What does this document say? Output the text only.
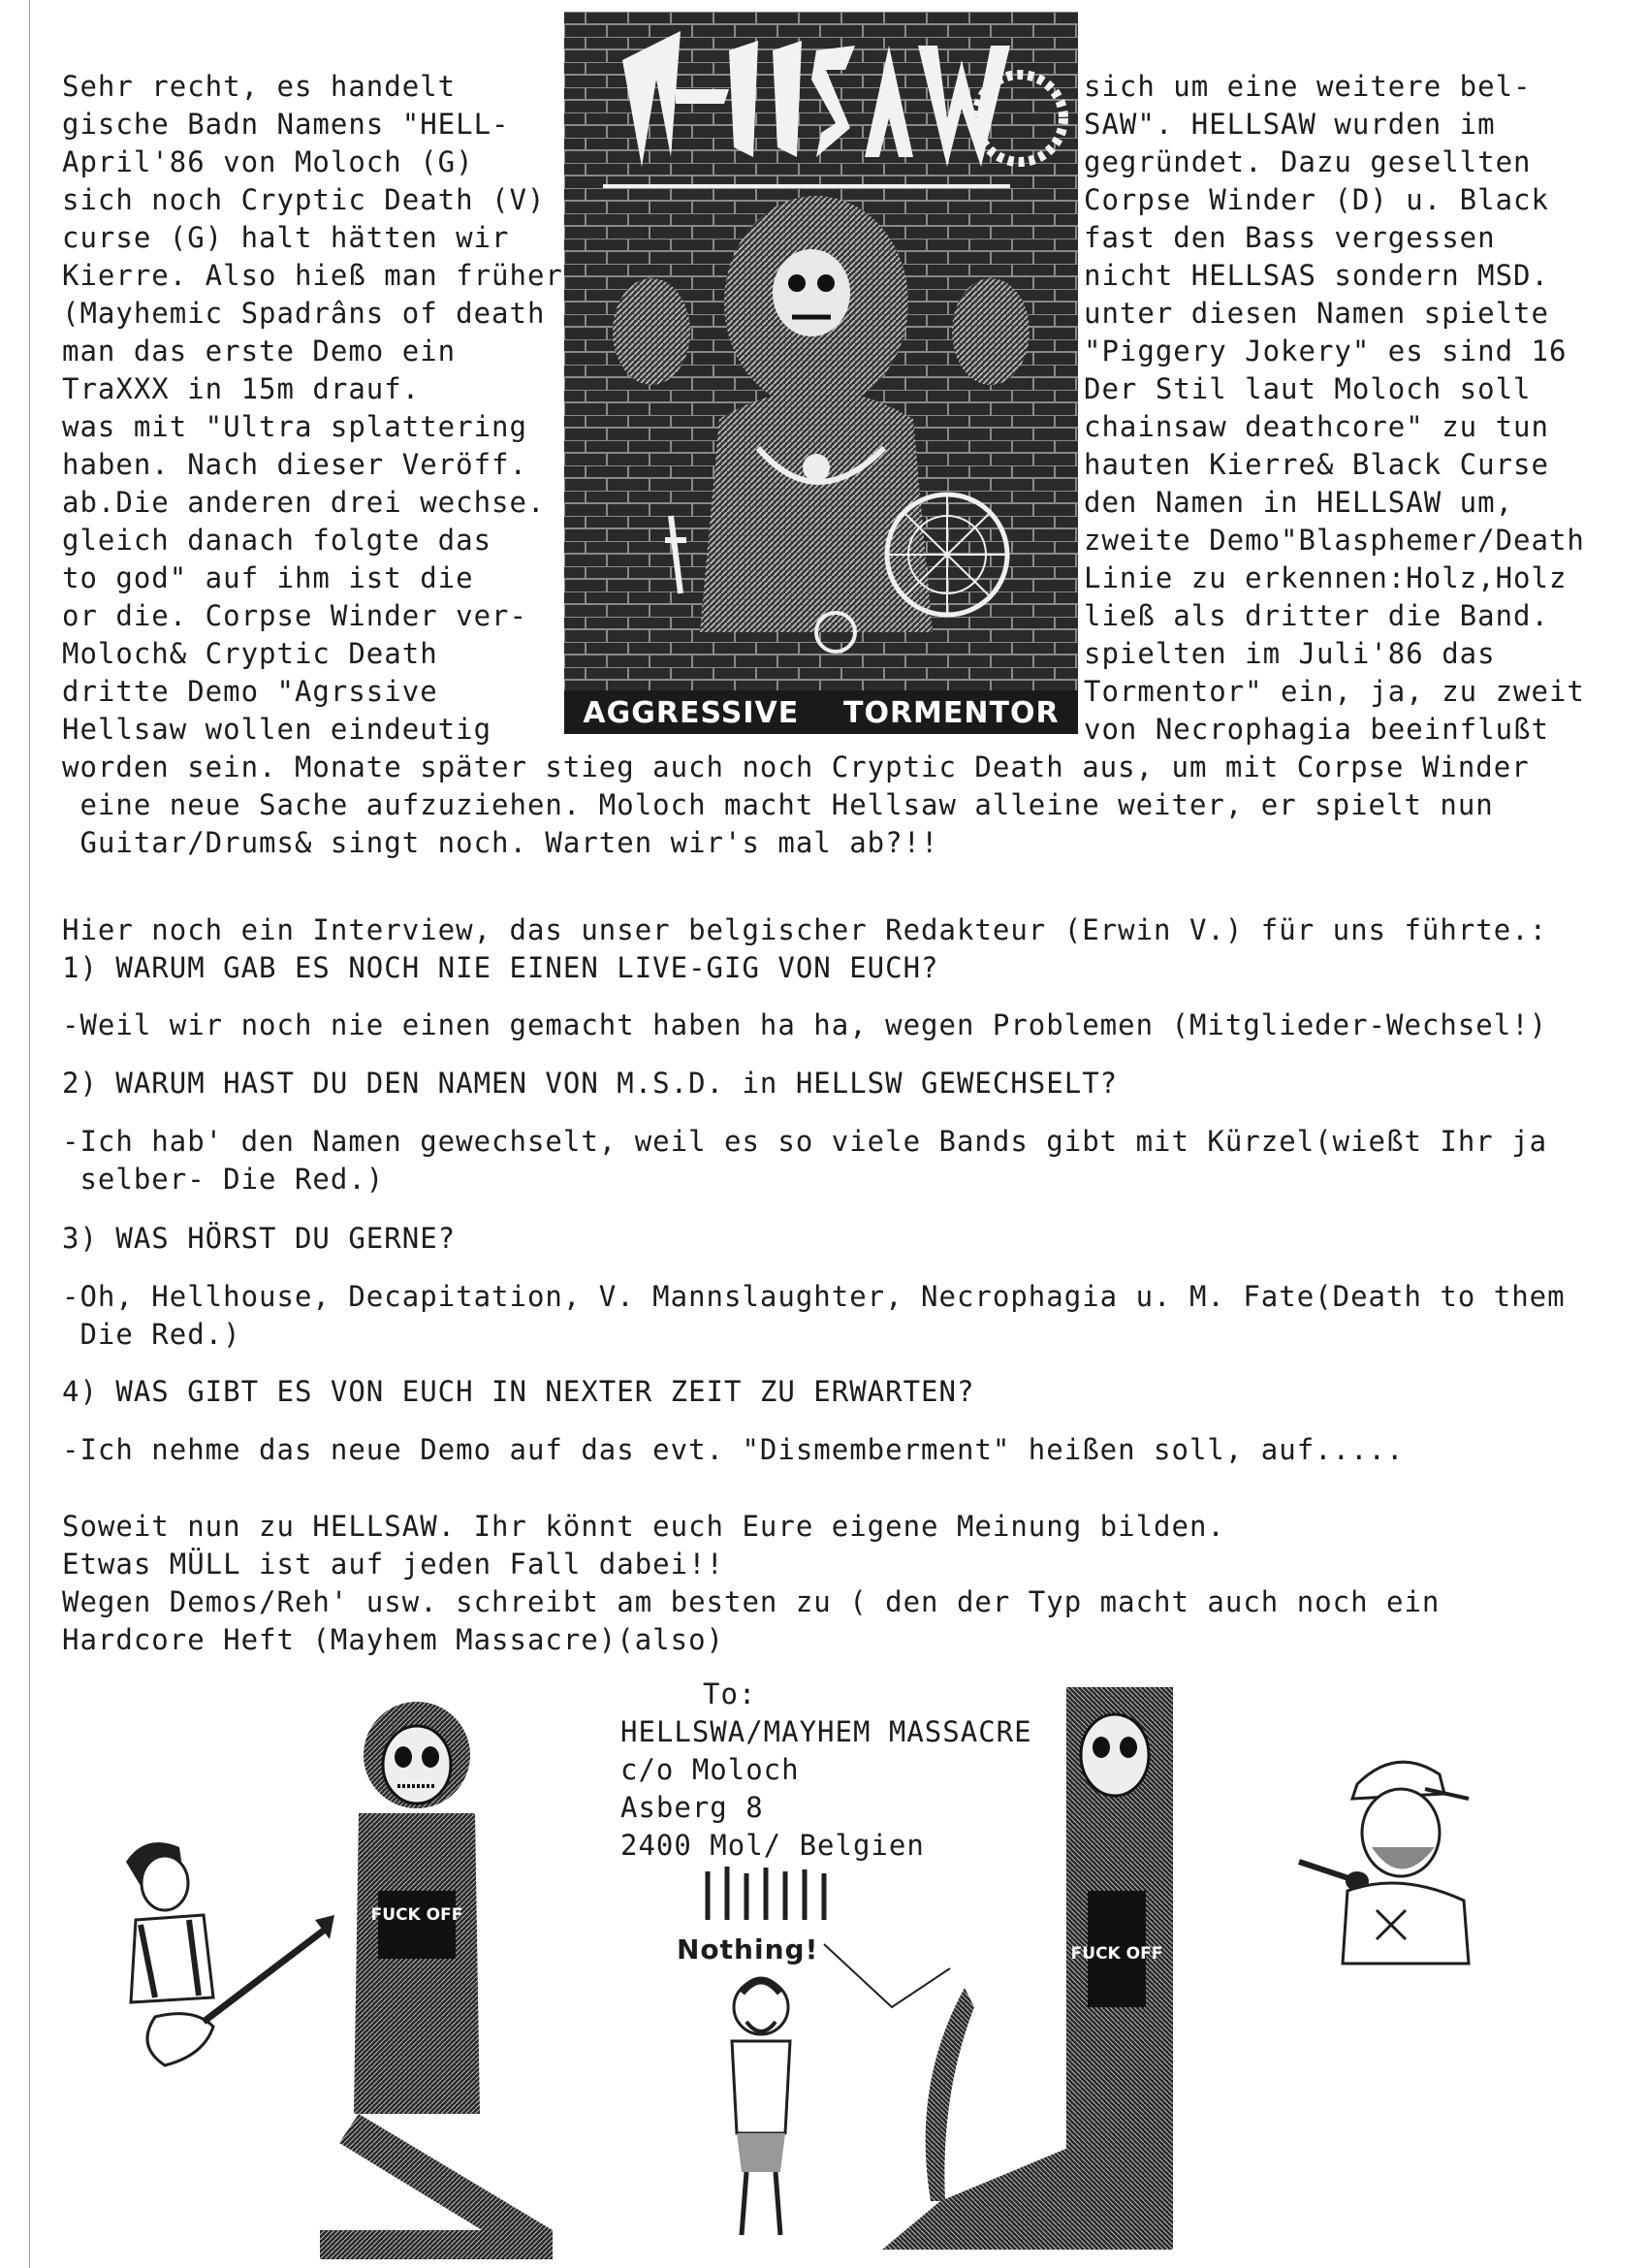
AGGRESSIVE    TORMENTOR
Sehr recht, es handelt
gische Badn Namens "HELL-
April'86 von Moloch (G)
sich noch Cryptic Death (V)
curse (G) halt hätten wir
Kierre. Also hieß man früher
(Mayhemic Spadrâns of death
man das erste Demo ein
TraXXX in 15m drauf.
was mit "Ultra splattering
haben. Nach dieser Veröff.
ab.Die anderen drei wechse.
gleich danach folgte das
to god" auf ihm ist die
or die. Corpse Winder ver-
Moloch& Cryptic Death
dritte Demo "Agrssive
Hellsaw wollen eindeutig
sich um eine weitere bel-
SAW". HELLSAW wurden im
gegründet. Dazu gesellten
Corpse Winder (D) u. Black
fast den Bass vergessen
nicht HELLSAS sondern MSD.
unter diesen Namen spielte
"Piggery Jokery" es sind 16
Der Stil laut Moloch soll
chainsaw deathcore" zu tun
hauten Kierre& Black Curse
den Namen in HELLSAW um,
zweite Demo"Blasphemer/Death
Linie zu erkennen:Holz,Holz
ließ als dritter die Band.
spielten im Juli'86 das
Tormentor" ein, ja, zu zweit
von Necrophagia beeinflußt
worden sein. Monate später stieg auch noch Cryptic Death aus, um mit Corpse Winder
eine neue Sache aufzuziehen. Moloch macht Hellsaw alleine weiter, er spielt nun
Guitar/Drums& singt noch. Warten wir's mal ab?!!
Hier noch ein Interview, das unser belgischer Redakteur (Erwin V.) für uns führte.:
1) WARUM GAB ES NOCH NIE EINEN LIVE-GIG VON EUCH?
-Weil wir noch nie einen gemacht haben ha ha, wegen Problemen (Mitglieder-Wechsel!)
2) WARUM HAST DU DEN NAMEN VON M.S.D. in HELLSW GEWECHSELT?
-Ich hab' den Namen gewechselt, weil es so viele Bands gibt mit Kürzel(wießt Ihr ja
selber- Die Red.)
3) WAS HÖRST DU GERNE?
-Oh, Hellhouse, Decapitation, V. Mannslaughter, Necrophagia u. M. Fate(Death to them
Die Red.)
4) WAS GIBT ES VON EUCH IN NEXTER ZEIT ZU ERWARTEN?
-Ich nehme das neue Demo auf das evt. "Dismemberment" heißen soll, auf.....
Soweit nun zu HELLSAW. Ihr könnt euch Eure eigene Meinung bilden.
Etwas MÜLL ist auf jeden Fall dabei!!
Wegen Demos/Reh' usw. schreibt am besten zu ( den der Typ macht auch noch ein
Hardcore Heft (Mayhem Massacre)(also)
To:
HELLSWA/MAYHEM MASSACRE
c/o Moloch
Asberg 8
2400 Mol/ Belgien
FUCK OFF
Nothing!	FUCK OFF
